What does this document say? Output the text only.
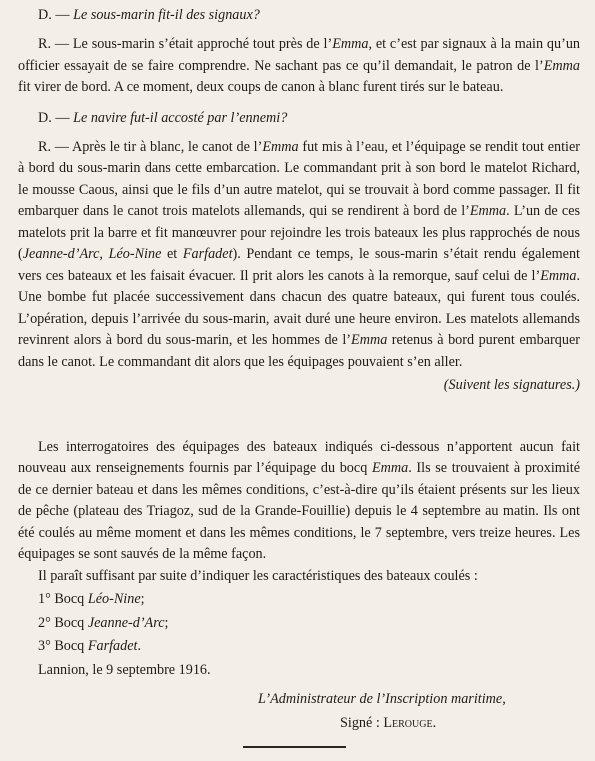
D. — Le sous-marin fit-il des signaux?

R. — Le sous-marin s’était approché tout près de l’Emma, et c’est par signaux à la main qu’un officier essayait de se faire comprendre. Ne sachant pas ce qu’il demandait, le patron de l’Emma fit virer de bord. A ce moment, deux coups de canon à blanc furent tirés sur le bateau.

D. — Le navire fut-il accosté par l’ennemi?

R. — Après le tir à blanc, le canot de l’Emma fut mis à l’eau, et l’équipage se rendit tout entier à bord du sous-marin dans cette embarcation. Le commandant prit à son bord le matelot Richard, le mousse Caous, ainsi que le fils d’un autre matelot, qui se trouvait à bord comme passager. Il fit embarquer dans le canot trois matelots allemands, qui se rendirent à bord de l’Emma. L’un de ces matelots prit la barre et fit manœuvrer pour rejoindre les trois bateaux les plus rapprochés de nous (Jeanne-d’Arc, Léo-Nine et Farfadet). Pendant ce temps, le sous-marin s’était rendu également vers ces bateaux et les faisait évacuer. Il prit alors les canots à la remorque, sauf celui de l’Emma. Une bombe fut placée successivement dans chacun des quatre bateaux, qui furent tous coulés. L’opération, depuis l’arrivée du sous-marin, avait duré une heure environ. Les matelots allemands revinrent alors à bord du sous-marin, et les hommes de l’Emma retenus à bord purent embarquer dans le canot. Le commandant dit alors que les équipages pouvaient s’en aller.

(Suivent les signatures.)

Les interrogatoires des équipages des bateaux indiqués ci-dessous n’apportent aucun fait nouveau aux renseignements fournis par l’équipage du bocq Emma. Ils se trouvaient à proximité de ce dernier bateau et dans les mêmes conditions, c’est-à-dire qu’ils étaient présents sur les lieux de pêche (plateau des Triagoz, sud de la Grande-Fouillie) depuis le 4 septembre au matin. Ils ont été coulés au même moment et dans les mêmes conditions, le 7 septembre, vers treize heures. Les équipages se sont sauvés de la même façon.

Il paraît suffisant par suite d’indiquer les caractéristiques des bateaux coulés :

1° Bocq Léo-Nine;
2° Bocq Jeanne-d’Arc;
3° Bocq Farfadet.
Lannion, le 9 septembre 1916.
L’Administrateur de l’Inscription maritime,
Signé : Lerouge.
